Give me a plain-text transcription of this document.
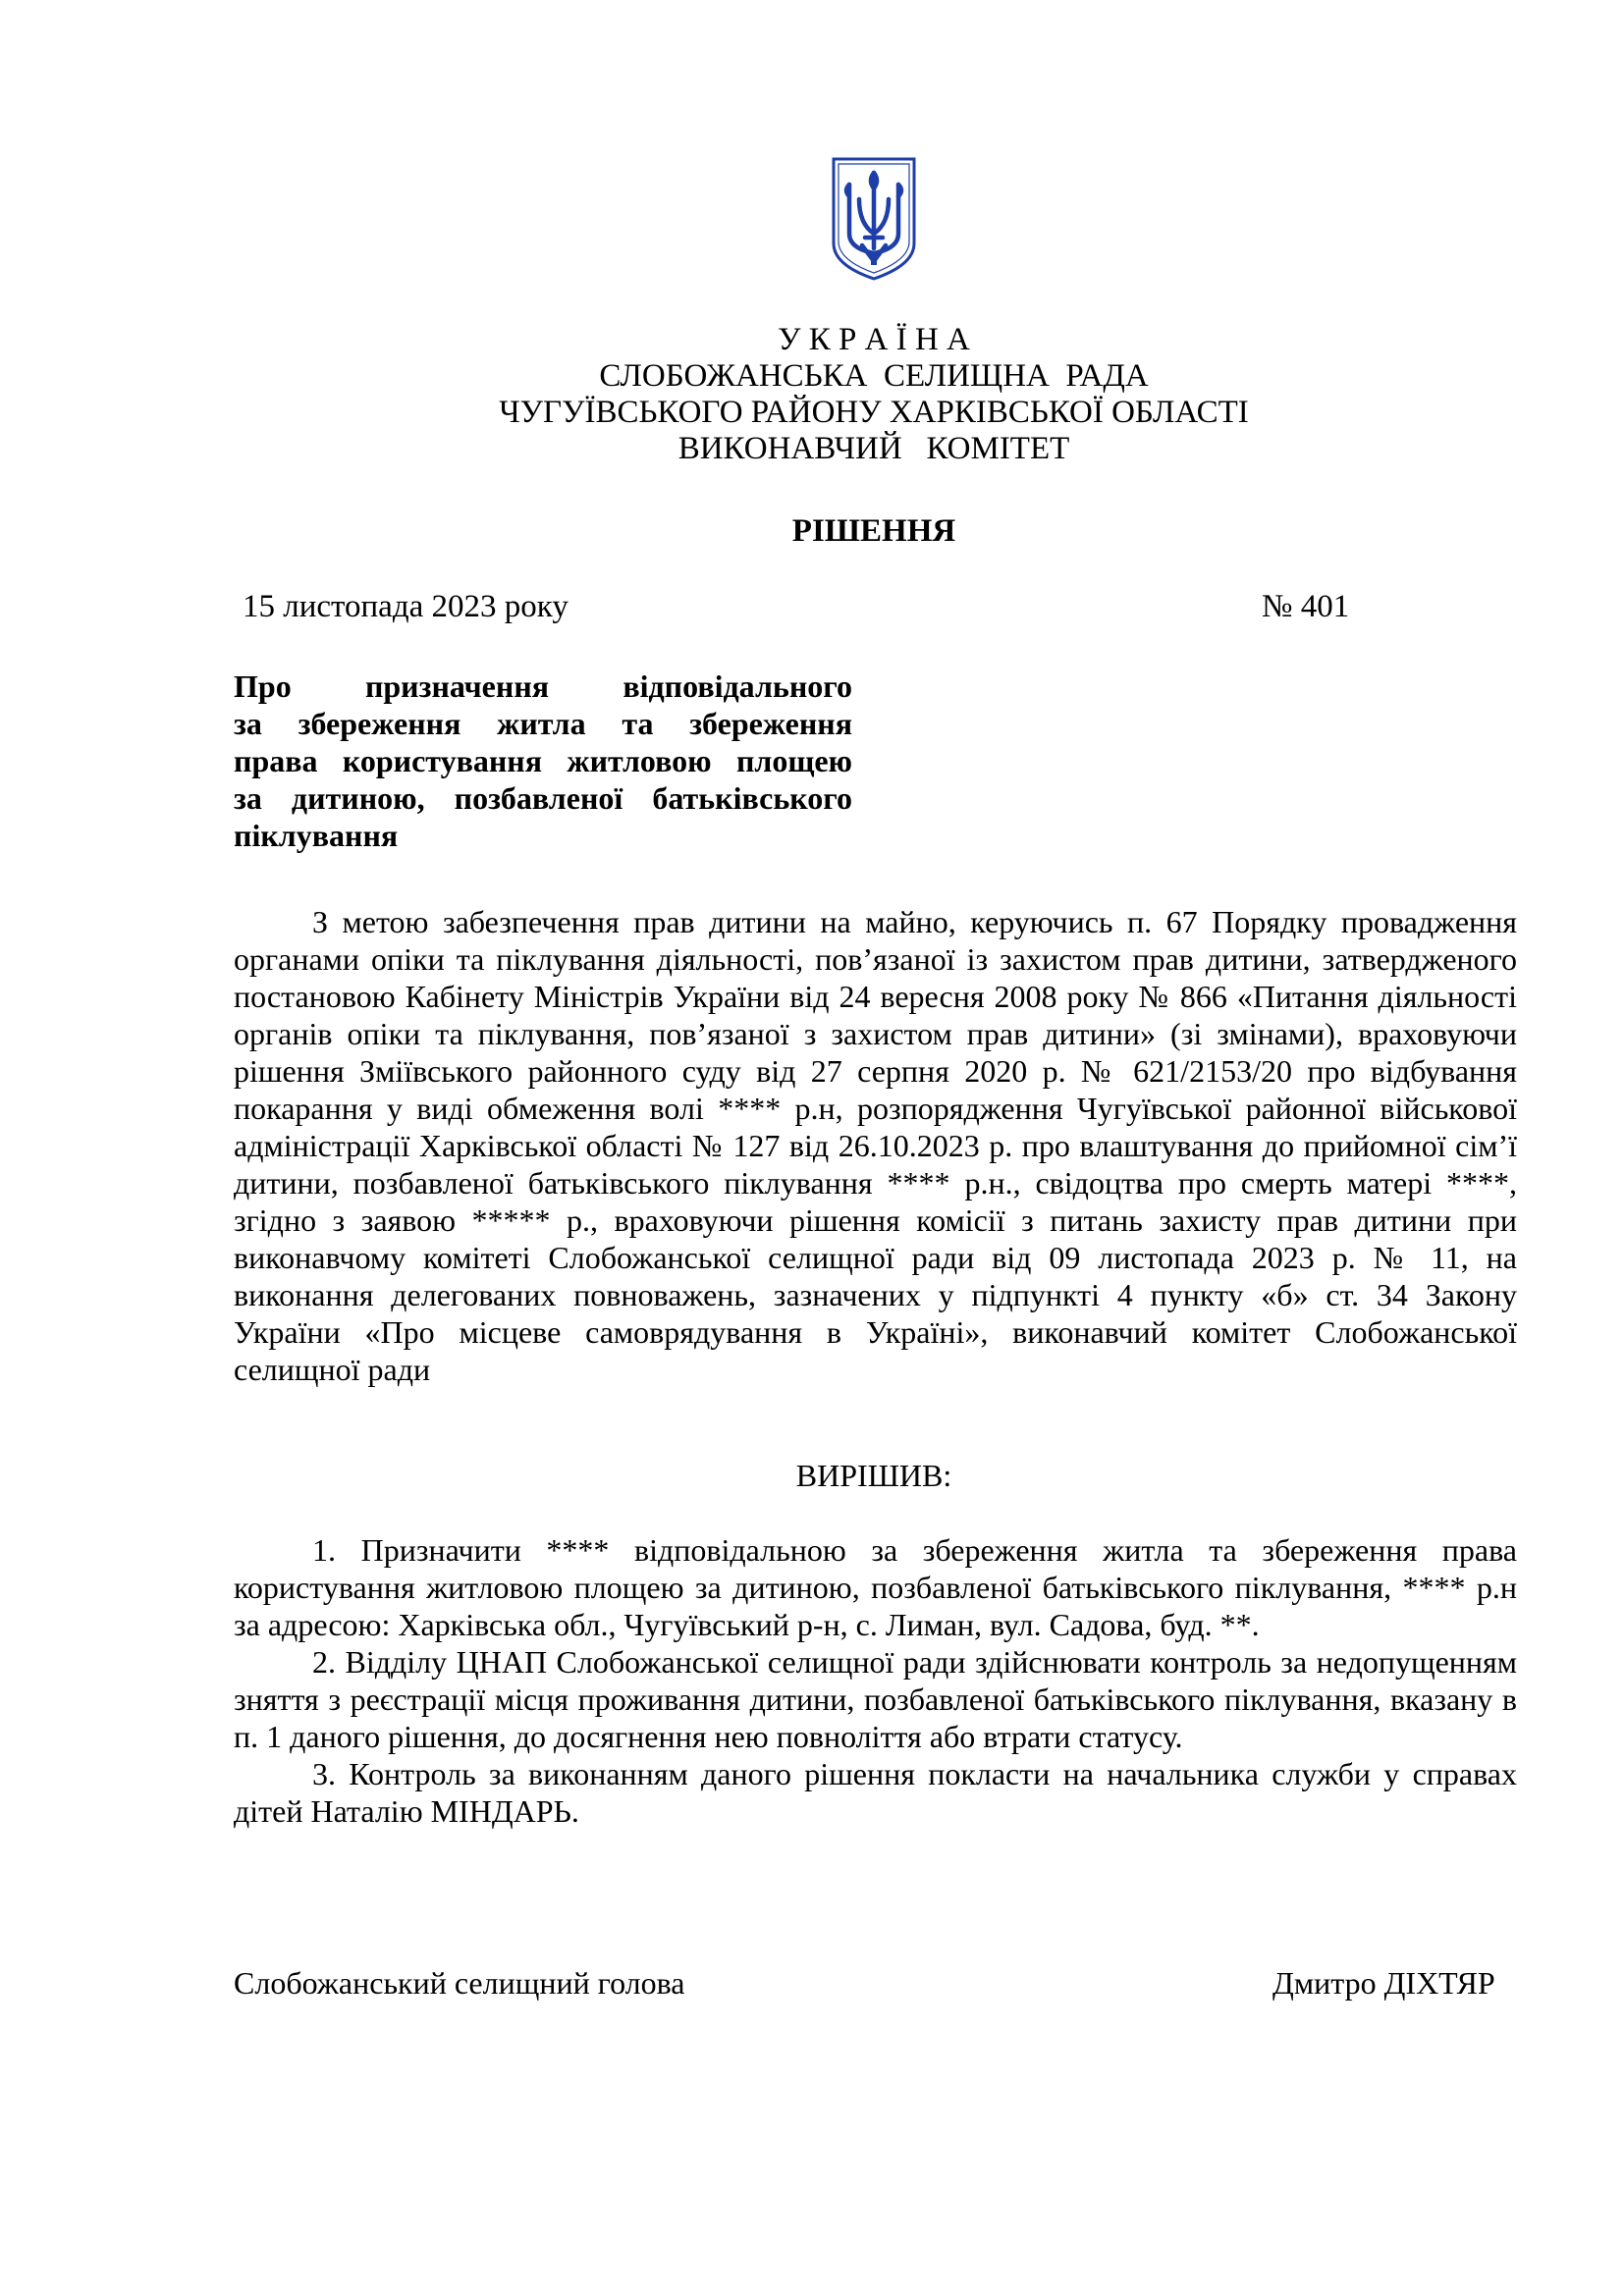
У К Р А Ї Н А
СЛОБОЖАНСЬКА  СЕЛИЩНА  РАДА
ЧУГУЇВСЬКОГО РАЙОНУ ХАРКІВСЬКОЇ ОБЛАСТІ
ВИКОНАВЧИЙ   КОМІТЕТ
РІШЕННЯ
15 листопада 2023 року	№ 401
Про призначення відповідального
за збереження житла та збереження
права користування житловою площею
за дитиною, позбавленої батьківського
піклування

З метою забезпечення прав дитини на майно, керуючись п. 67 Порядку провадження органами опіки та піклування діяльності, пов’язаної із захистом прав дитини, затвердженого постановою Кабінету Міністрів України від 24 вересня 2008 року № 866 «Питання діяльності органів опіки та піклування, пов’язаної з захистом прав дитини» (зі змінами), враховуючи рішення Зміївського районного суду від 27 серпня 2020 р. № 621/2153/20 про відбування покарання у виді обмеження волі **** р.н, розпорядження Чугуївської районної військової адміністрації Харківської області № 127 від 26.10.2023 р. про влаштування до прийомної сім’ї дитини, позбавленої батьківського піклування **** р.н., свідоцтва про смерть матері ****, згідно з заявою ***** р., враховуючи рішення комісії з питань захисту прав дитини при виконавчому комітеті Слобожанської селищної ради від 09 листопада 2023 р. № 11, на виконання делегованих повноважень, зазначених у підпункті 4 пункту «б» ст. 34 Закону України «Про місцеве самоврядування в Україні», виконавчий комітет Слобожанської селищної ради

ВИРІШИВ:

1. Призначити **** відповідальною за збереження житла та збереження права користування житловою площею за дитиною, позбавленої батьківського піклування, **** р.н за адресою: Харківська обл., Чугуївський р-н, с. Лиман, вул. Садова, буд. **.

2. Відділу ЦНАП Слобожанської селищної ради здійснювати контроль за недопущенням зняття з реєстрації місця проживання дитини, позбавленої батьківського піклування, вказану в п. 1 даного рішення, до досягнення нею повноліття або втрати статусу.

3. Контроль за виконанням даного рішення покласти на начальника служби у справах дітей Наталію МІНДАРЬ.

Слобожанський селищний голова	Дмитро ДІХТЯР
